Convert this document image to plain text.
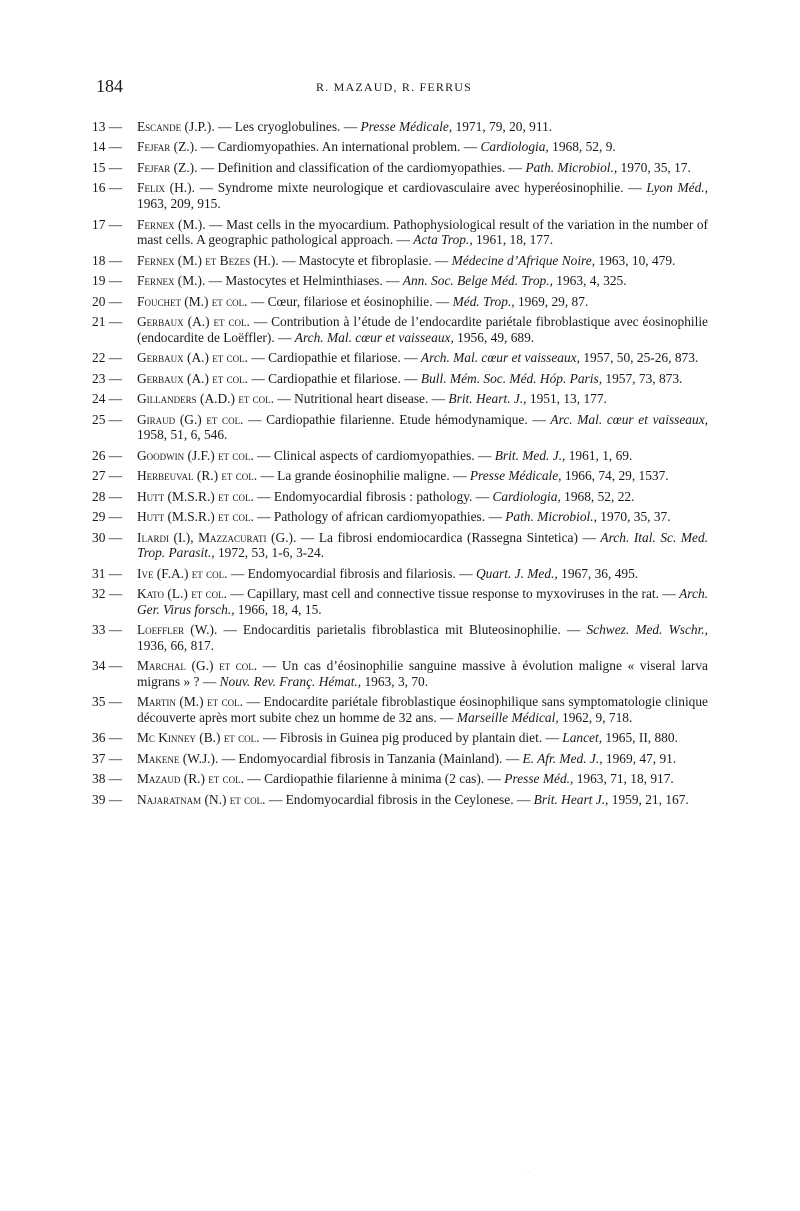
184	R. MAZAUD, R. FERRUS
13 —	Escande (J.P.). — Les cryoglobulines. — Presse Médicale, 1971, 79, 20, 911.
14 —	Fejfar (Z.). — Cardiomyopathies. An international problem. — Cardiologia, 1968, 52, 9.
15 —	Fejfar (Z.). — Definition and classification of the cardiomyopathies. — Path. Microbiol., 1970, 35, 17.
16 —	Felix (H.). — Syndrome mixte neurologique et cardiovasculaire avec hyperéosinophilie. — Lyon Méd., 1963, 209, 915.
17 —	Fernex (M.). — Mast cells in the myocardium. Pathophysiological result of the variation in the number of mast cells. A geographic pathological approach. — Acta Trop., 1961, 18, 177.
18 —	Fernex (M.) et Bezes (H.). — Mastocyte et fibroplasie. — Médecine d’Afrique Noire, 1963, 10, 479.
19 —	Fernex (M.). — Mastocytes et Helminthiases. — Ann. Soc. Belge Méd. Trop., 1963, 4, 325.
20 —	Fouchet (M.) et col. — Cœur, filariose et éosinophilie. — Méd. Trop., 1969, 29, 87.
21 —	Gerbaux (A.) et col. — Contribution à l’étude de l’endocardite pariétale fibroblastique avec éosinophilie (endocardite de Loëffler). — Arch. Mal. cœur et vaisseaux, 1956, 49, 689.
22 —	Gerbaux (A.) et col. — Cardiopathie et filariose. — Arch. Mal. cœur et vaisseaux, 1957, 50, 25-26, 873.
23 —	Gerbaux (A.) et col. — Cardiopathie et filariose. — Bull. Mém. Soc. Méd. Hóp. Paris, 1957, 73, 873.
24 —	Gillanders (A.D.) et col. — Nutritional heart disease. — Brit. Heart. J., 1951, 13, 177.
25 —	Giraud (G.) et col. — Cardiopathie filarienne. Etude hémodynamique. — Arc. Mal. cœur et vaisseaux, 1958, 51, 6, 546.
26 —	Goodwin (J.F.) et col. — Clinical aspects of cardiomyopathies. — Brit. Med. J., 1961, 1, 69.
27 —	Herbeuval (R.) et col. — La grande éosinophilie maligne. — Presse Médicale, 1966, 74, 29, 1537.
28 —	Hutt (M.S.R.) et col. — Endomyocardial fibrosis : pathology. — Cardiologia, 1968, 52, 22.
29 —	Hutt (M.S.R.) et col. — Pathology of african cardiomyopathies. — Path. Microbiol., 1970, 35, 37.
30 —	Ilardi (I.), Mazzacurati (G.). — La fibrosi endomiocardica (Rassegna Sintetica) — Arch. Ital. Sc. Med. Trop. Parasit., 1972, 53, 1-6, 3-24.
31 —	Ive (F.A.) et col. — Endomyocardial fibrosis and filariosis. — Quart. J. Med., 1967, 36, 495.
32 —	Kato (L.) et col. — Capillary, mast cell and connective tissue response to myxoviruses in the rat. — Arch. Ger. Virus forsch., 1966, 18, 4, 15.
33 —	Loeffler (W.). — Endocarditis parietalis fibroblastica mit Bluteosinophilie. — Schwez. Med. Wschr., 1936, 66, 817.
34 —	Marchal (G.) et col. — Un cas d’éosinophilie sanguine massive à évolution maligne « viseral larva migrans » ? — Nouv. Rev. Franç. Hémat., 1963, 3, 70.
35 —	Martin (M.) et col. — Endocardite pariétale fibroblastique éosinophilique sans symptomatologie clinique découverte après mort subite chez un homme de 32 ans. — Marseille Médical, 1962, 9, 718.
36 —	Mc Kinney (B.) et col. — Fibrosis in Guinea pig produced by plantain diet. — Lancet, 1965, II, 880.
37 —	Makene (W.J.). — Endomyocardial fibrosis in Tanzania (Mainland). — E. Afr. Med. J., 1969, 47, 91.
38 —	Mazaud (R.) et col. — Cardiopathie filarienne à minima (2 cas). — Presse Méd., 1963, 71, 18, 917.
39 —	Najaratnam (N.) et col. — Endomyocardial fibrosis in the Ceylonese. — Brit. Heart J., 1959, 21, 167.
· ·
